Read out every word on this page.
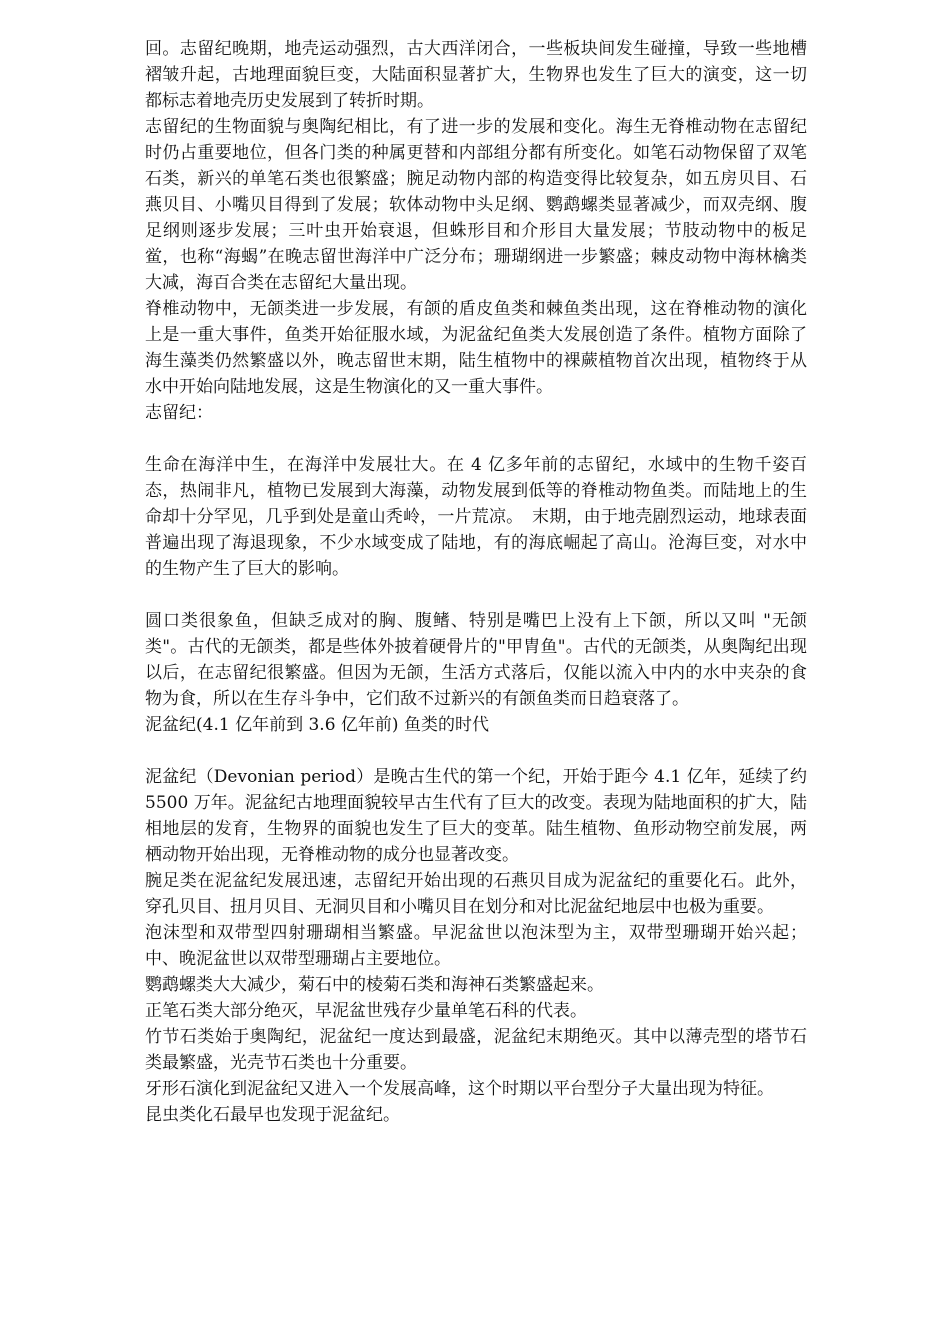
回。志留纪晚期，地壳运动强烈，古大西洋闭合，一些板块间发生碰撞，导致一些地槽褶皱升起，古地理面貌巨变，大陆面积显著扩大，生物界也发生了巨大的演变，这一切都标志着地壳历史发展到了转折时期。

志留纪的生物面貌与奥陶纪相比，有了进一步的发展和变化。海生无脊椎动物在志留纪时仍占重要地位，但各门类的种属更替和内部组分都有所变化。如笔石动物保留了双笔石类，新兴的单笔石类也很繁盛；腕足动物内部的构造变得比较复杂，如五房贝目、石燕贝目、小嘴贝目得到了发展；软体动物中头足纲、鹦鹉螺类显著减少，而双壳纲、腹足纲则逐步发展；三叶虫开始衰退，但蛛形目和介形目大量发展；节肢动物中的板足鲎，也称“海蝎”在晚志留世海洋中广泛分布；珊瑚纲进一步繁盛；棘皮动物中海林檎类大减，海百合类在志留纪大量出现。

脊椎动物中，无颌类进一步发展，有颌的盾皮鱼类和棘鱼类出现，这在脊椎动物的演化上是一重大事件，鱼类开始征服水域，为泥盆纪鱼类大发展创造了条件。植物方面除了海生藻类仍然繁盛以外，晚志留世末期，陆生植物中的裸蕨植物首次出现，植物终于从水中开始向陆地发展，这是生物演化的又一重大事件。

志留纪：

生命在海洋中生，在海洋中发展壮大。在 4 亿多年前的志留纪，水域中的生物千姿百态，热闹非凡，植物已发展到大海藻，动物发展到低等的脊椎动物鱼类。而陆地上的生命却十分罕见，几乎到处是童山秃岭，一片荒凉。　末期，由于地壳剧烈运动，地球表面普遍出现了海退现象，不少水域变成了陆地，有的海底崛起了高山。沧海巨变，对水中的生物产生了巨大的影响。

圆口类很象鱼，但缺乏成对的胸、腹鳍、特别是嘴巴上没有上下颌，所以又叫 "无颌类"。古代的无颌类，都是些体外披着硬骨片的"甲胄鱼"。古代的无颌类，从奥陶纪出现以后，在志留纪很繁盛。但因为无颌，生活方式落后，仅能以流入中内的水中夹杂的食物为食，所以在生存斗争中，它们敌不过新兴的有颌鱼类而日趋衰落了。

泥盆纪(4.1 亿年前到 3.6 亿年前) 鱼类的时代

泥盆纪（Devonian period）是晚古生代的第一个纪，开始于距今 4.1 亿年，延续了约 5500 万年。泥盆纪古地理面貌较早古生代有了巨大的改变。表现为陆地面积的扩大，陆相地层的发育，生物界的面貌也发生了巨大的变革。陆生植物、鱼形动物空前发展，两栖动物开始出现，无脊椎动物的成分也显著改变。

腕足类在泥盆纪发展迅速，志留纪开始出现的石燕贝目成为泥盆纪的重要化石。此外，穿孔贝目、扭月贝目、无洞贝目和小嘴贝目在划分和对比泥盆纪地层中也极为重要。

泡沫型和双带型四射珊瑚相当繁盛。早泥盆世以泡沫型为主，双带型珊瑚开始兴起；中、晚泥盆世以双带型珊瑚占主要地位。

鹦鹉螺类大大减少，菊石中的棱菊石类和海神石类繁盛起来。

正笔石类大部分绝灭，早泥盆世残存少量单笔石科的代表。

竹节石类始于奥陶纪，泥盆纪一度达到最盛，泥盆纪末期绝灭。其中以薄壳型的塔节石类最繁盛，光壳节石类也十分重要。

牙形石演化到泥盆纪又进入一个发展高峰，这个时期以平台型分子大量出现为特征。

昆虫类化石最早也发现于泥盆纪。
